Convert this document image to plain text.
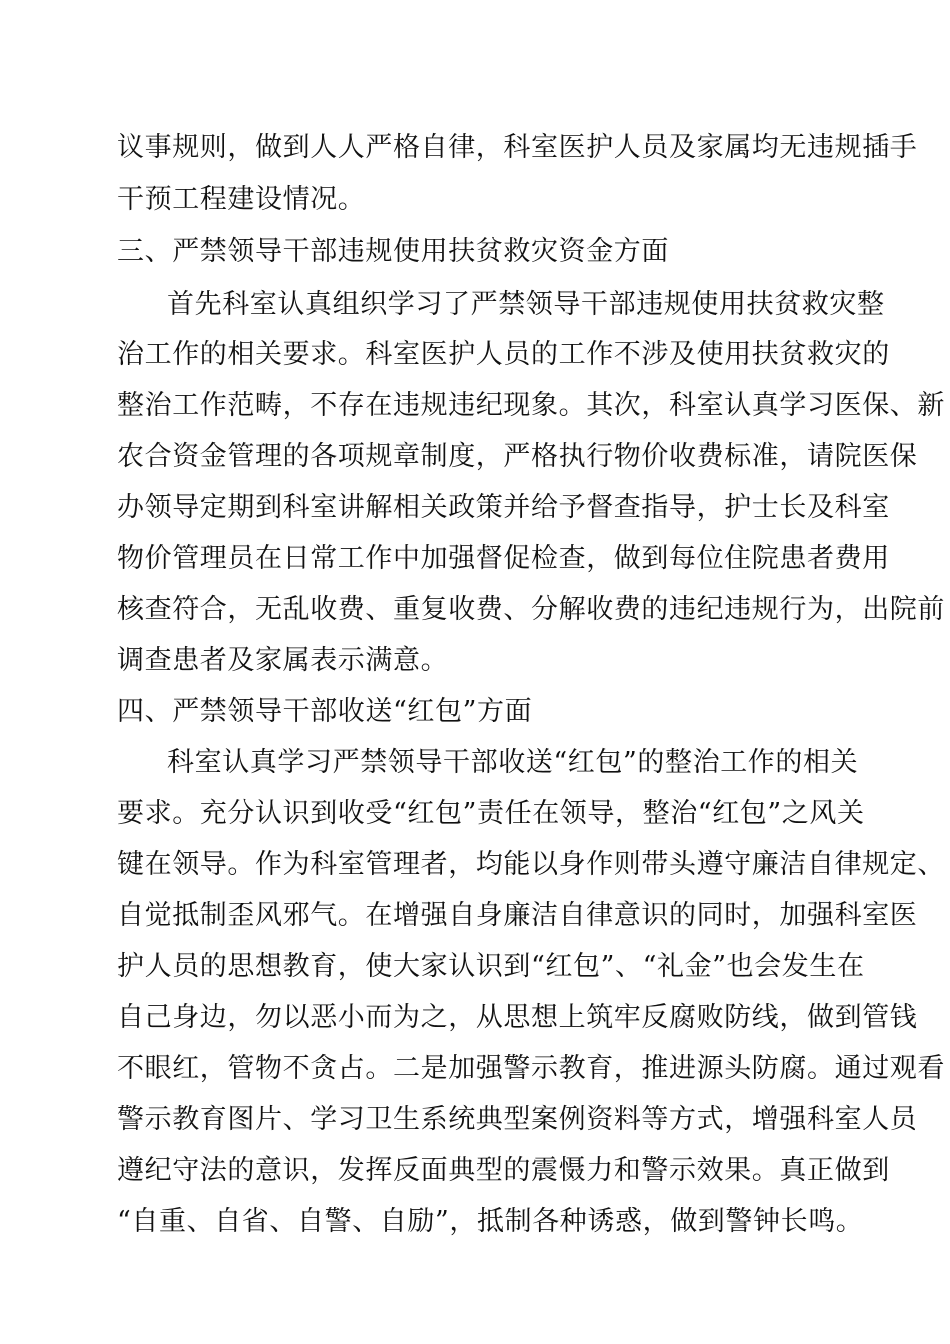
议事规则，做到人人严格自律，科室医护人员及家属均无违规插手
干预工程建设情况。
三、严禁领导干部违规使用扶贫救灾资金方面
首先科室认真组织学习了严禁领导干部违规使用扶贫救灾整
治工作的相关要求。科室医护人员的工作不涉及使用扶贫救灾的
整治工作范畴，不存在违规违纪现象。其次，科室认真学习医保、新
农合资金管理的各项规章制度，严格执行物价收费标准，请院医保
办领导定期到科室讲解相关政策并给予督查指导，护士长及科室
物价管理员在日常工作中加强督促检查，做到每位住院患者费用
核查符合，无乱收费、重复收费、分解收费的违纪违规行为，出院前
调查患者及家属表示满意。
四、严禁领导干部收送“红包”方面
科室认真学习严禁领导干部收送“红包”的整治工作的相关
要求。充分认识到收受“红包”责任在领导，整治“红包”之风关
键在领导。作为科室管理者，均能以身作则带头遵守廉洁自律规定、
自觉抵制歪风邪气。在增强自身廉洁自律意识的同时，加强科室医
护人员的思想教育，使大家认识到“红包”、“礼金”也会发生在
自己身边，勿以恶小而为之，从思想上筑牢反腐败防线，做到管钱
不眼红，管物不贪占。二是加强警示教育，推进源头防腐。通过观看
警示教育图片、学习卫生系统典型案例资料等方式，增强科室人员
遵纪守法的意识，发挥反面典型的震慑力和警示效果。真正做到
“自重、自省、自警、自励”，抵制各种诱惑，做到警钟长鸣。
